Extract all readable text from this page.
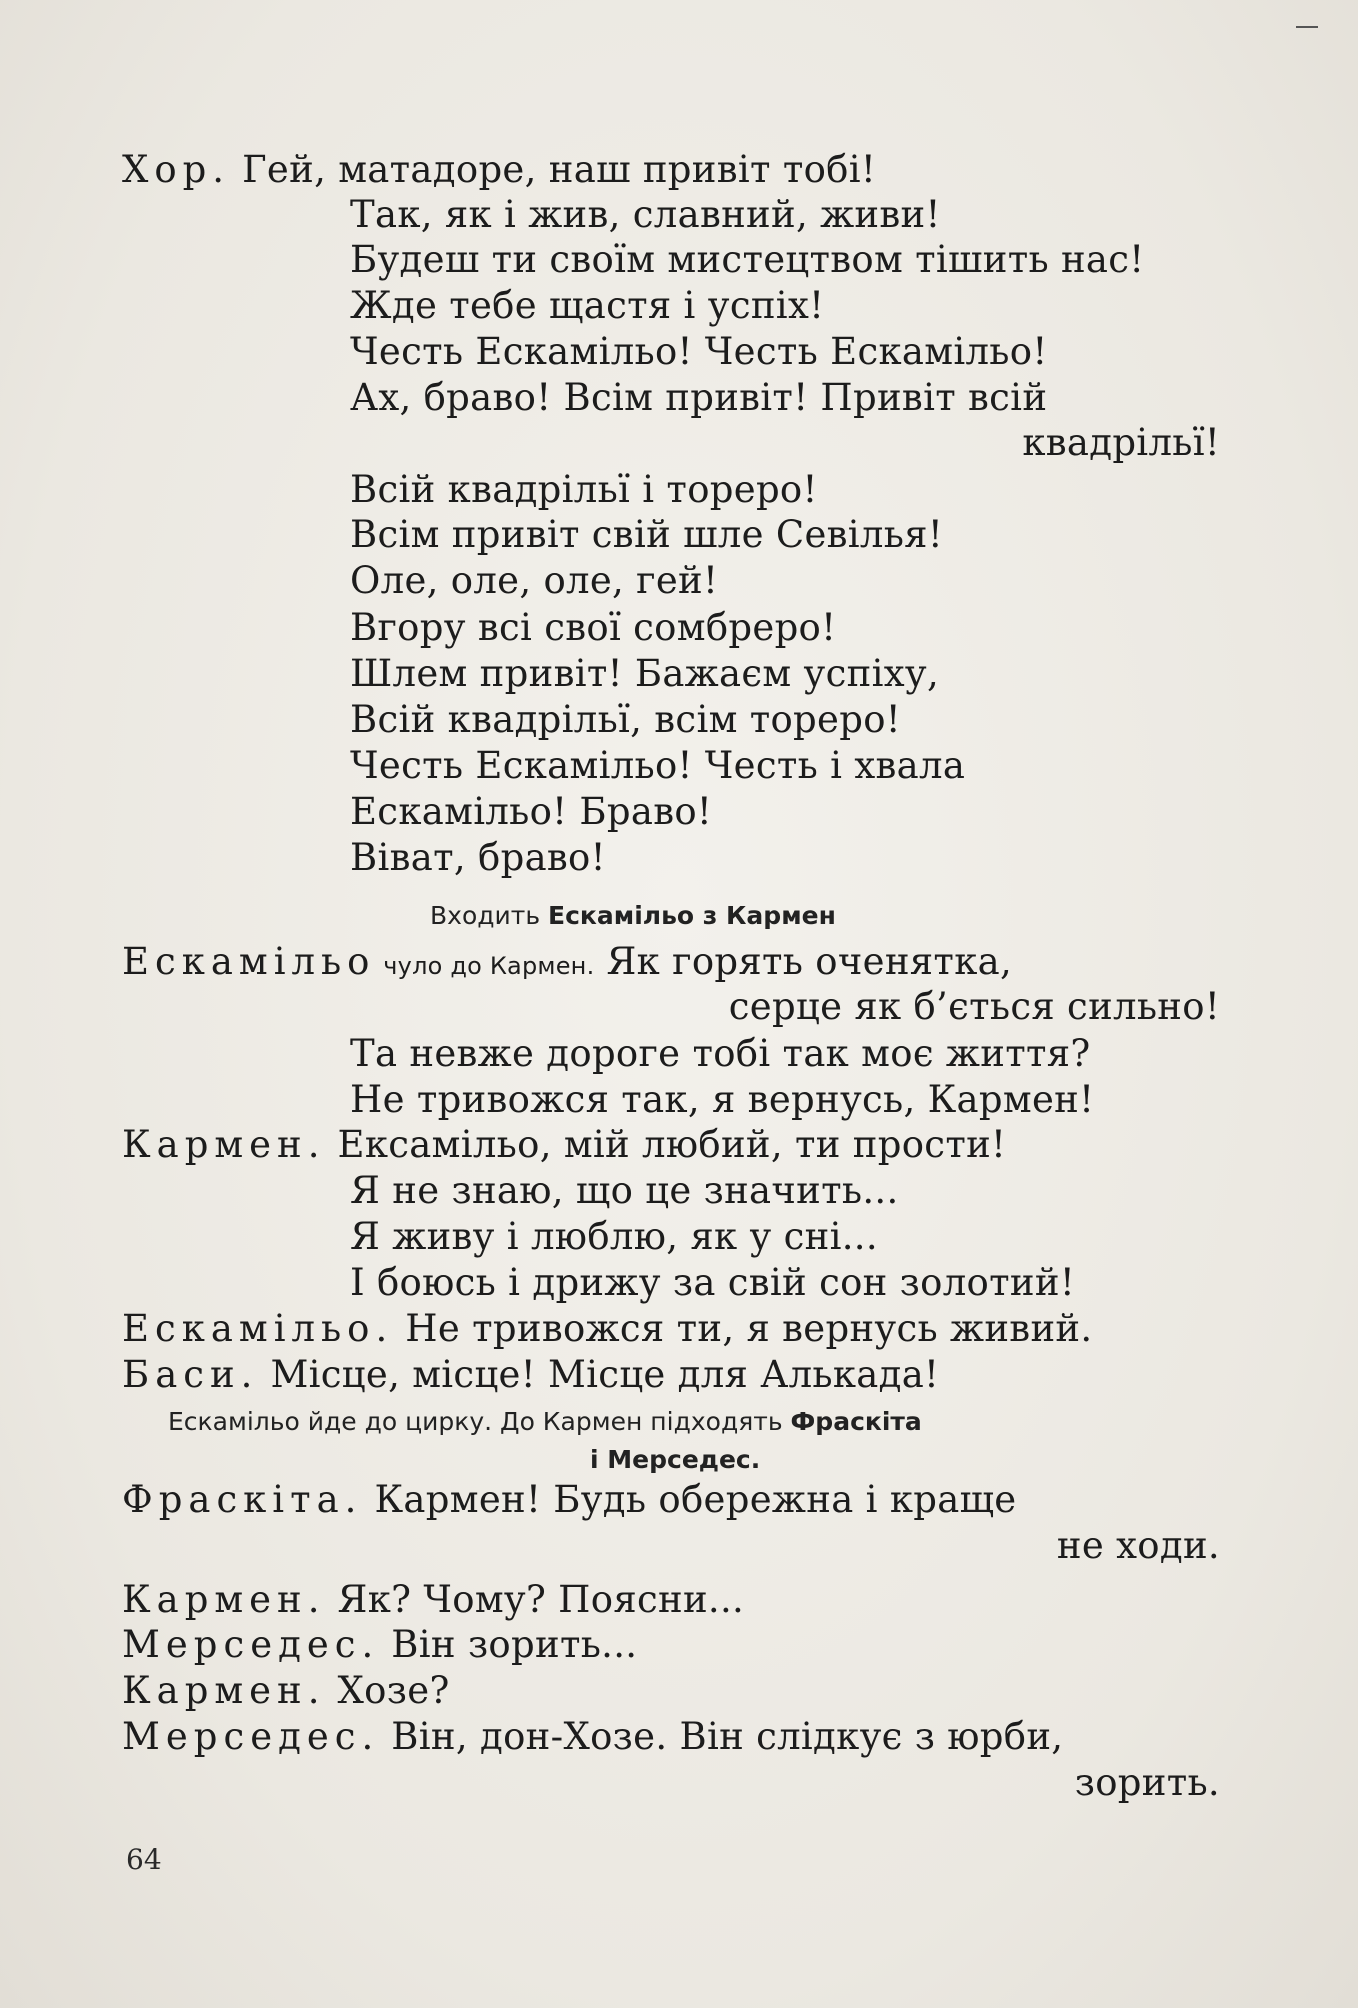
Хор. Гей, матадоре, наш привіт тобі!
Так, як і жив, славний, живи!
Будеш ти своїм мистецтвом тішить нас!
Жде тебе щастя і успіх!
Честь Ескамільо! Честь Ескамільо!
Ах, браво! Всім привіт! Привіт всій
квадрільї!
Всій квадрільї і тореро!
Всім привіт свій шле Севілья!
Оле, оле, оле, гей!
Вгору всі свої сомбреро!
Шлем привіт! Бажаєм успіху,
Всій квадрільї, всім тореро!
Честь Ескамільо! Честь і хвала
Ескамільо! Браво!
Віват, браво!
Входить Ескамільо з Кармен
Ескамільо чуло до Кармен. Як горять оченятка,
серце як б’ється сильно!
Та невже дороге тобі так моє життя?
Не тривожся так, я вернусь, Кармен!
Кармен. Ексамільо, мій любий, ти прости!
Я не знаю, що це значить...
Я живу і люблю, як у сні...
І боюсь і дрижу за свій сон золотий!
Ескамільо. Не тривожся ти, я вернусь живий.
Баси. Місце, місце! Місце для Алькада!
Ескамільо йде до цирку. До Кармен підходять Фраскіта
і Мерседес.
Фраскіта. Кармен! Будь обережна і краще
не ходи.
Кармен. Як? Чому? Поясни...
Мерседес. Він зорить...
Кармен. Хозе?
Мерседес. Він, дон-Хозе. Він слідкує з юрби,
зорить.
64
